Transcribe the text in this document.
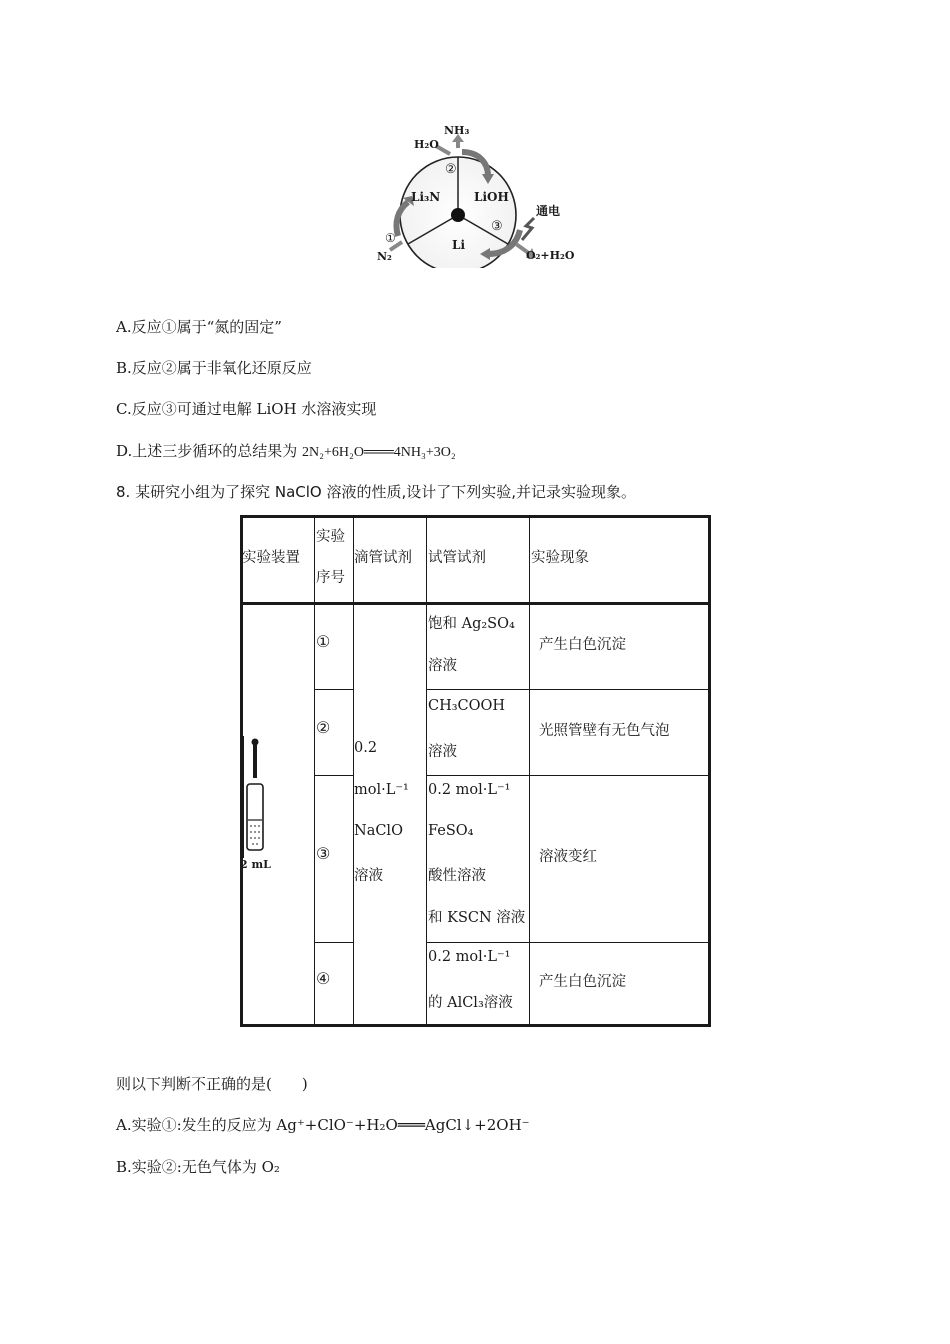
NH₃
H₂O
②
Li₃N	LiOH
Li
①
N₂
③
通电
O₂+H₂O
A.反应①属于“氮的固定”
B.反应②属于非氧化还原反应
C.反应③可通过电解 LiOH 水溶液实现
D.上述三步循环的总结果为 2N₂+6H₂O═══4NH₃+3O₂
8. 某研究小组为了探究 NaClO 溶液的性质,设计了下列实验,并记录实验现象。
实验装置
实验
序号
滴管试剂 试管试剂	实验现象
2 mL
0.2
mol·L⁻¹
NaClO
溶液
①
饱和 Ag₂SO₄
溶液
产生白色沉淀
②
CH₃COOH
溶液
光照管壁有无色气泡
③
0.2 mol·L⁻¹
FeSO₄
酸性溶液
和 KSCN 溶液
溶液变红
④
0.2 mol·L⁻¹
的 AlCl₃溶液
产生白色沉淀
则以下判断不正确的是(　　)
A.实验①:发生的反应为 Ag⁺+ClO⁻+H₂O═══AgCl↓+2OH⁻
B.实验②:无色气体为 O₂
